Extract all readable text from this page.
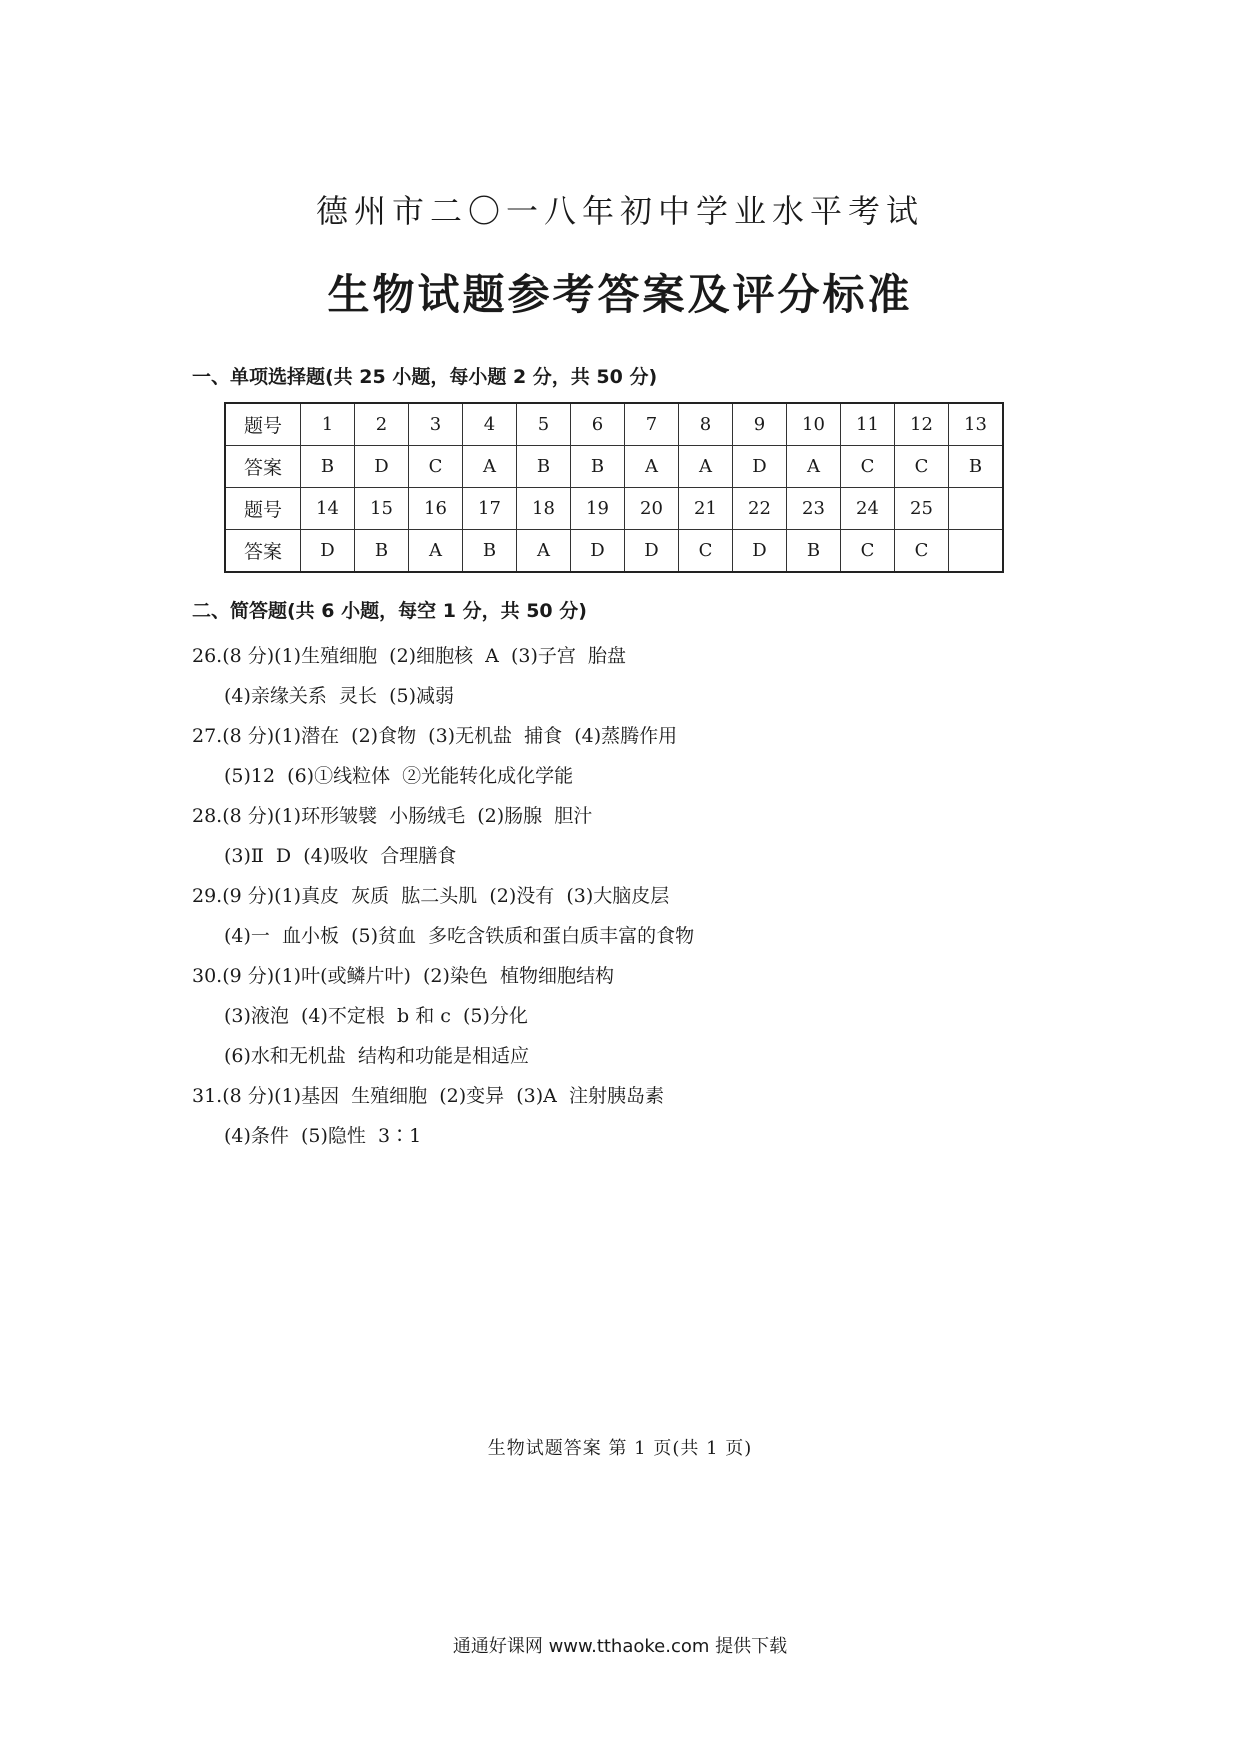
德州市二〇一八年初中学业水平考试
生物试题参考答案及评分标准
一、单项选择题(共 25 小题，每小题 2 分，共 50 分)
题号	1	2	3	4	5	6	7	8	9	10	11	12	13
答案	B	D	C	A	B	B	A	A	D	A	C	C	B
题号	14	15	16	17	18	19	20	21	22	23	24	25	
答案	D	B	A	B	A	D	D	C	D	B	C	C	
二、简答题(共 6 小题，每空 1 分，共 50 分)
26.(8 分)(1)生殖细胞  (2)细胞核  A  (3)子宫  胎盘
(4)亲缘关系  灵长  (5)减弱
27.(8 分)(1)潜在  (2)食物  (3)无机盐  捕食  (4)蒸腾作用
(5)12  (6)①线粒体  ②光能转化成化学能
28.(8 分)(1)环形皱襞  小肠绒毛  (2)肠腺  胆汁
(3)Ⅱ  D  (4)吸收  合理膳食
29.(9 分)(1)真皮  灰质  肱二头肌  (2)没有  (3)大脑皮层
(4)一  血小板  (5)贫血  多吃含铁质和蛋白质丰富的食物
30.(9 分)(1)叶(或鳞片叶)  (2)染色  植物细胞结构
(3)液泡  (4)不定根  b 和 c  (5)分化
(6)水和无机盐  结构和功能是相适应
31.(8 分)(1)基因  生殖细胞  (2)变异  (3)A  注射胰岛素
(4)条件  (5)隐性  3∶1
生物试题答案 第 1 页(共 1 页)
通通好课网 www.tthaoke.com 提供下载
